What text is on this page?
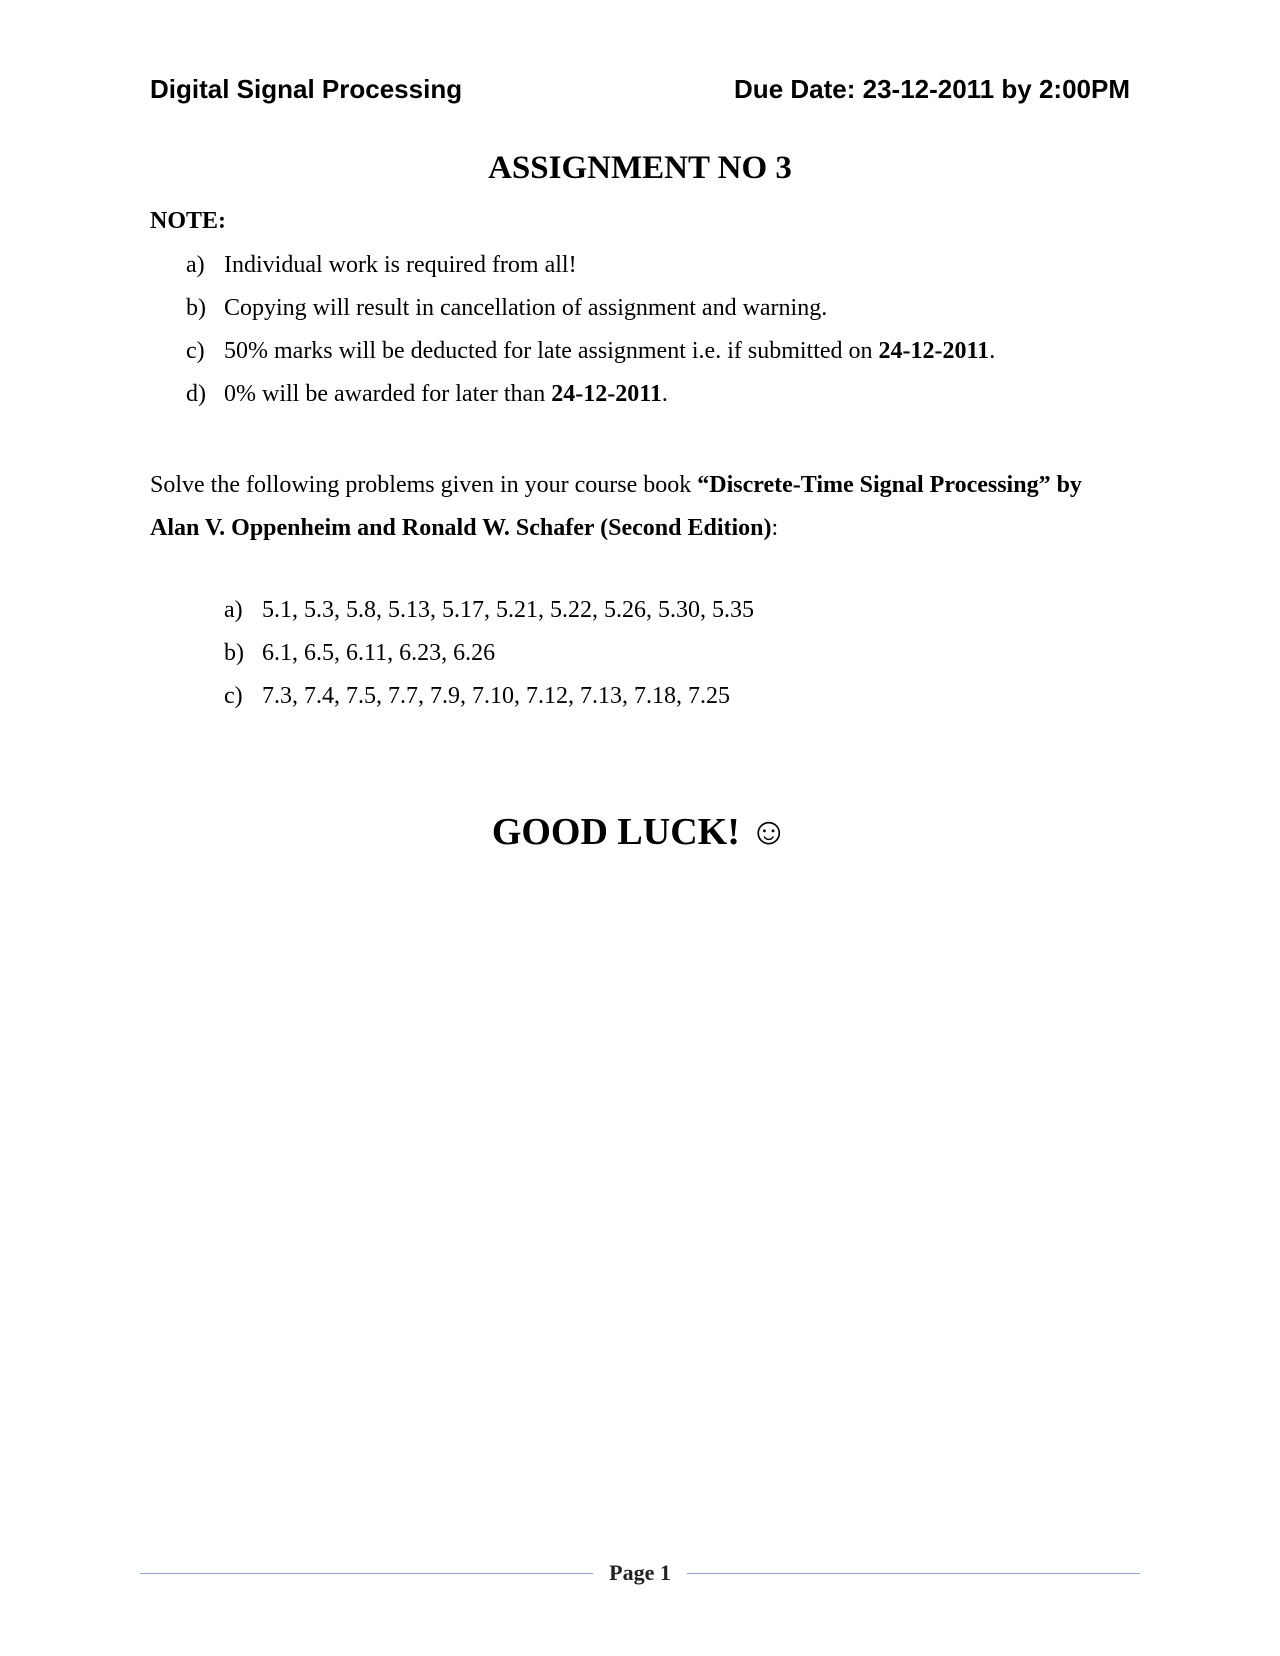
Digital Signal Processing	Due Date: 23-12-2011 by 2:00PM
ASSIGNMENT NO 3
NOTE:
a) Individual work is required from all!
b) Copying will result in cancellation of assignment and warning.
c) 50% marks will be deducted for late assignment i.e. if submitted on 24-12-2011.
d) 0% will be awarded for later than 24-12-2011.
Solve the following problems given in your course book “Discrete-Time Signal Processing” by
Alan V. Oppenheim and Ronald W. Schafer (Second Edition):
a) 5.1, 5.3, 5.8, 5.13, 5.17, 5.21, 5.22, 5.26, 5.30, 5.35
b) 6.1, 6.5, 6.11, 6.23, 6.26
c) 7.3, 7.4, 7.5, 7.7, 7.9, 7.10, 7.12, 7.13, 7.18, 7.25
GOOD LUCK! ☺
Page 1
